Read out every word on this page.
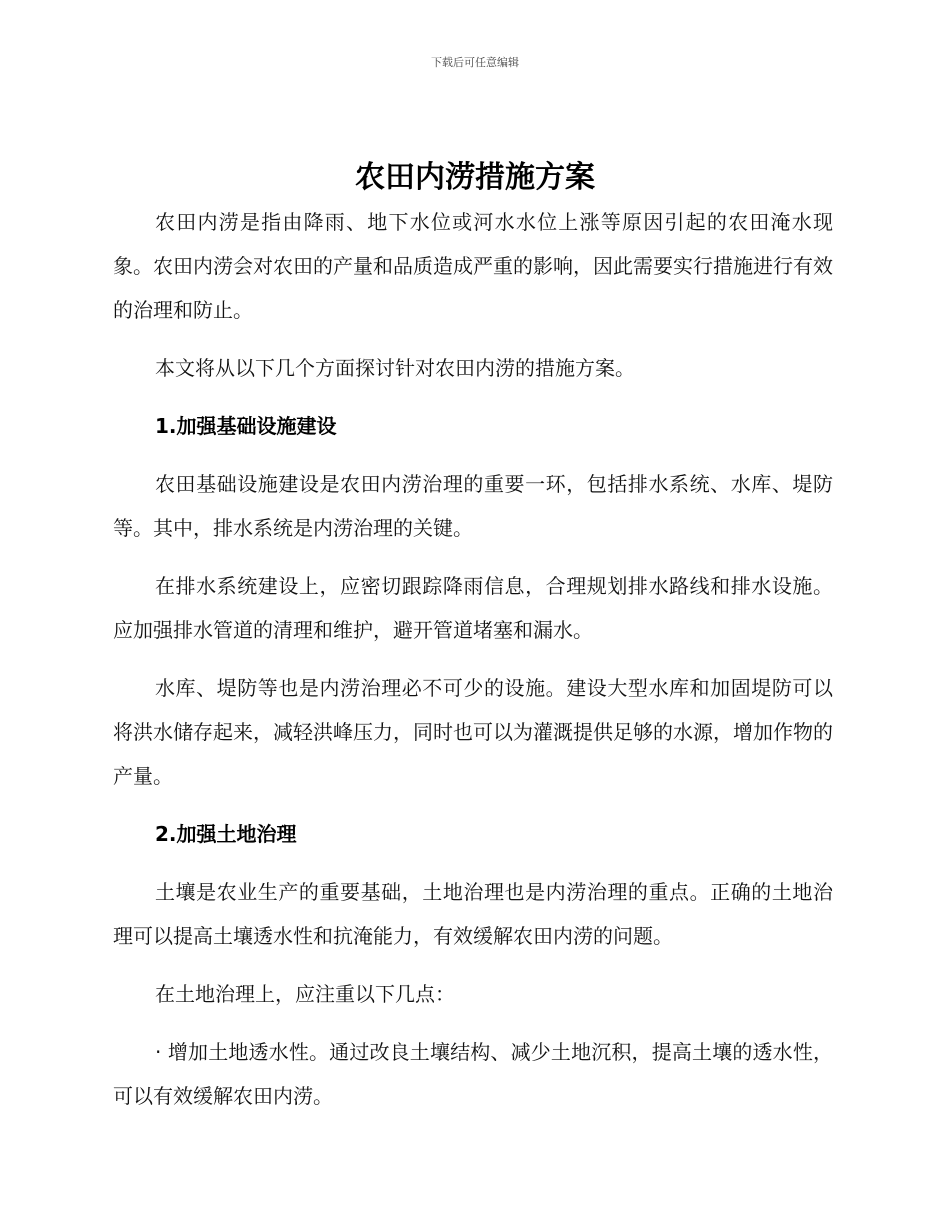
下载后可任意编辑
农田内涝措施方案

农田内涝是指由降雨、地下水位或河水水位上涨等原因引起的农田淹水现象。农田内涝会对农田的产量和品质造成严重的影响，因此需要实行措施进行有效的治理和防止。

本文将从以下几个方面探讨针对农田内涝的措施方案。

1.加强基础设施建设

农田基础设施建设是农田内涝治理的重要一环，包括排水系统、水库、堤防等。其中，排水系统是内涝治理的关键。

在排水系统建设上，应密切跟踪降雨信息，合理规划排水路线和排水设施。应加强排水管道的清理和维护，避开管道堵塞和漏水。

水库、堤防等也是内涝治理必不可少的设施。建设大型水库和加固堤防可以将洪水储存起来，减轻洪峰压力，同时也可以为灌溉提供足够的水源，增加作物的产量。

2.加强土地治理

土壤是农业生产的重要基础，土地治理也是内涝治理的重点。正确的土地治理可以提高土壤透水性和抗淹能力，有效缓解农田内涝的问题。

在土地治理上，应注重以下几点：

· 增加土地透水性。通过改良土壤结构、减少土地沉积，提高土壤的透水性，可以有效缓解农田内涝。
